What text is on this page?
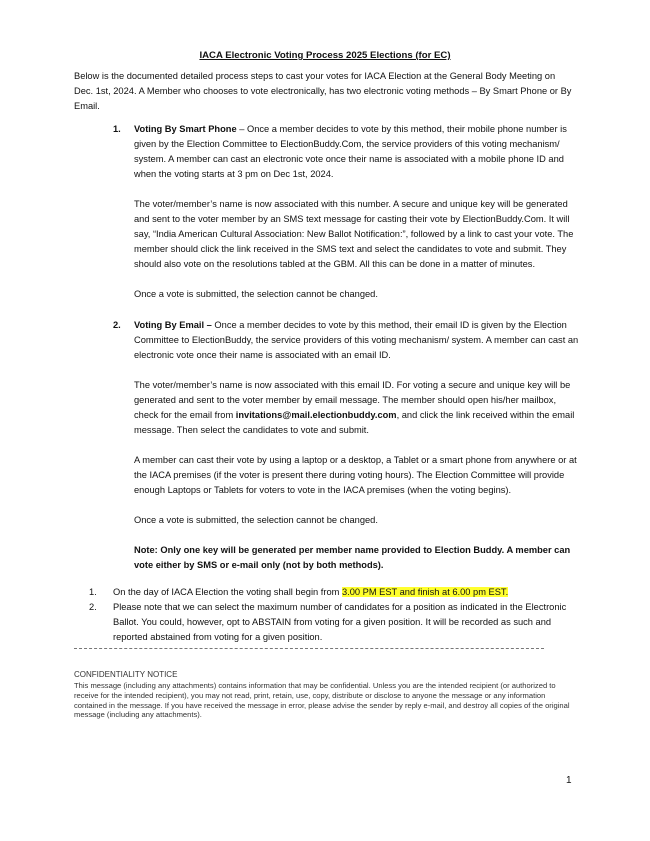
IACA Electronic Voting Process 2025 Elections (for EC)

Below is the documented detailed process steps to cast your votes for IACA Election at the General Body Meeting on Dec. 1st, 2024. A Member who chooses to vote electronically, has two electronic voting methods – By Smart Phone or By Email.

1. Voting By Smart Phone – Once a member decides to vote by this method, their mobile phone number is given by the Election Committee to ElectionBuddy.Com, the service providers of this voting mechanism/ system. A member can cast an electronic vote once their name is associated with a mobile phone ID and when the voting starts at 3 pm on Dec 1st, 2024.

The voter/member’s name is now associated with this number. A secure and unique key will be generated and sent to the voter member by an SMS text message for casting their vote by ElectionBuddy.Com. It will say, “India American Cultural Association: New Ballot Notification:”, followed by a link to cast your vote. The member should click the link received in the SMS text and select the candidates to vote and submit. They should also vote on the resolutions tabled at the GBM. All this can be done in a matter of minutes.

Once a vote is submitted, the selection cannot be changed.

2. Voting By Email – Once a member decides to vote by this method, their email ID is given by the Election Committee to ElectionBuddy, the service providers of this voting mechanism/ system. A member can cast an electronic vote once their name is associated with an email ID.

The voter/member’s name is now associated with this email ID. For voting a secure and unique key will be generated and sent to the voter member by email message. The member should open his/her mailbox, check for the email from invitations@mail.electionbuddy.com, and click the link received within the email message. Then select the candidates to vote and submit.

A member can cast their vote by using a laptop or a desktop, a Tablet or a smart phone from anywhere or at the IACA premises (if the voter is present there during voting hours). The Election Committee will provide enough Laptops or Tablets for voters to vote in the IACA premises (when the voting begins).

Once a vote is submitted, the selection cannot be changed.

Note: Only one key will be generated per member name provided to Election Buddy. A member can vote either by SMS or e-mail only (not by both methods).

1. On the day of IACA Election the voting shall begin from 3.00 PM EST and finish at 6.00 pm EST.

2. Please note that we can select the maximum number of candidates for a position as indicated in the Electronic Ballot. You could, however, opt to ABSTAIN from voting for a given position. It will be recorded as such and reported abstained from voting for a given position.

CONFIDENTIALITY NOTICE

This message (including any attachments) contains information that may be confidential. Unless you are the intended recipient (or authorized to receive for the intended recipient), you may not read, print, retain, use, copy, distribute or disclose to anyone the message or any information contained in the message. If you have received the message in error, please advise the sender by reply e-mail, and destroy all copies of the original message (including any attachments).

1
